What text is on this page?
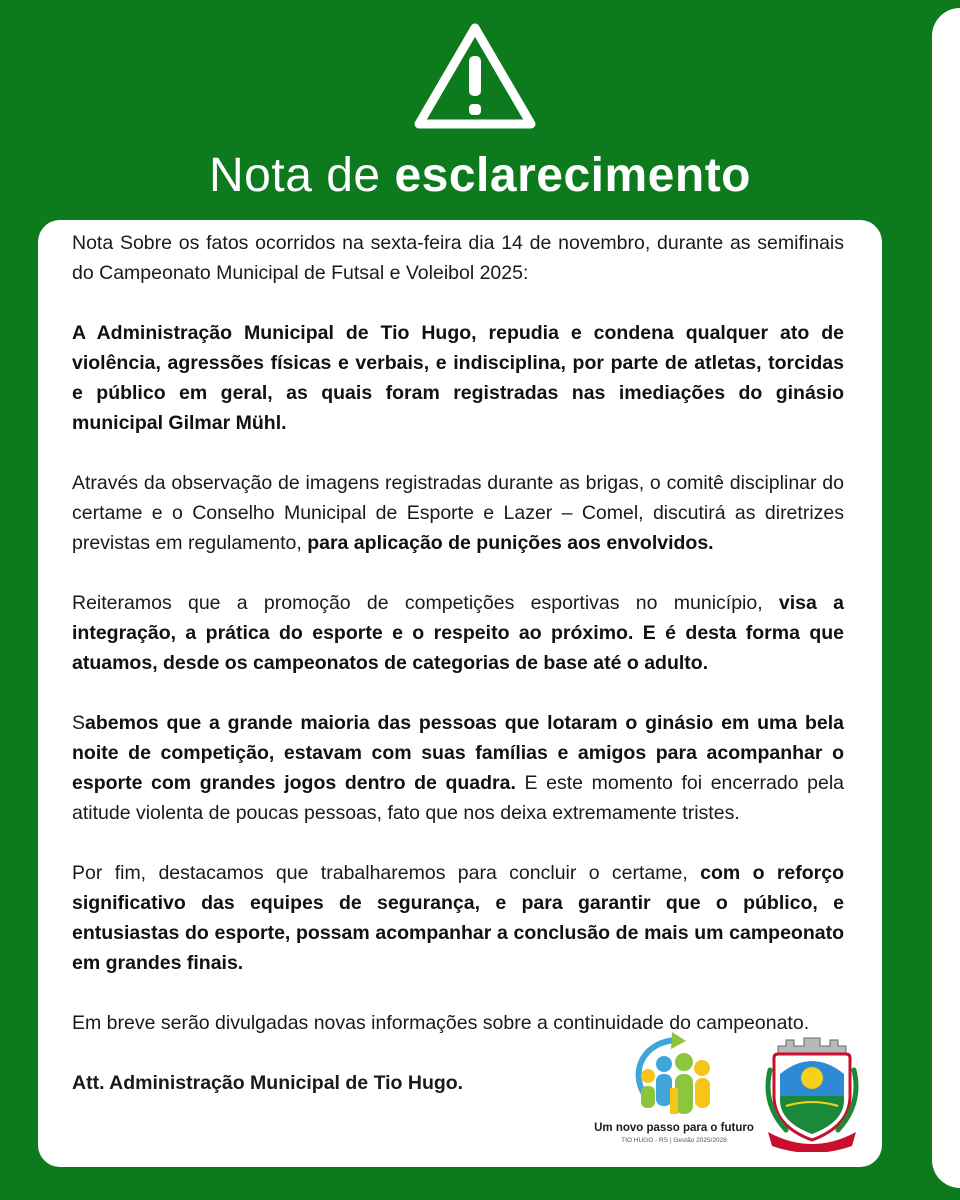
Nota de esclarecimento

Nota Sobre os fatos ocorridos na sexta-feira dia 14 de novembro, durante as semifinais do Campeonato Municipal de Futsal e Voleibol 2025:

A Administração Municipal de Tio Hugo, repudia e condena qualquer ato de violência, agressões físicas e verbais, e indisciplina, por parte de atletas, torcidas e público em geral, as quais foram registradas nas imediações do ginásio municipal Gilmar Mühl.

Através da observação de imagens registradas durante as brigas, o comitê disciplinar do certame e o Conselho Municipal de Esporte e Lazer – Comel, discutirá as diretrizes previstas em regulamento, para aplicação de punições aos envolvidos.

Reiteramos que a promoção de competições esportivas no município, visa a integração, a prática do esporte e o respeito ao próximo. E é desta forma que atuamos, desde os campeonatos de categorias de base até o adulto.

Sabemos que a grande maioria das pessoas que lotaram o ginásio em uma bela noite de competição, estavam com suas famílias e amigos para acompanhar o esporte com grandes jogos dentro de quadra. E este momento foi encerrado pela atitude violenta de poucas pessoas, fato que nos deixa extremamente tristes.

Por fim, destacamos que trabalharemos para concluir o certame, com o reforço significativo das equipes de segurança, e para garantir que o público, e entusiastas do esporte, possam acompanhar a conclusão de mais um campeonato em grandes finais.

Em breve serão divulgadas novas informações sobre a continuidade do campeonato.

Att. Administração Municipal de Tio Hugo.

Um novo passo para o futuro
TIO HUGO - RS | Gestão 2025/2028
